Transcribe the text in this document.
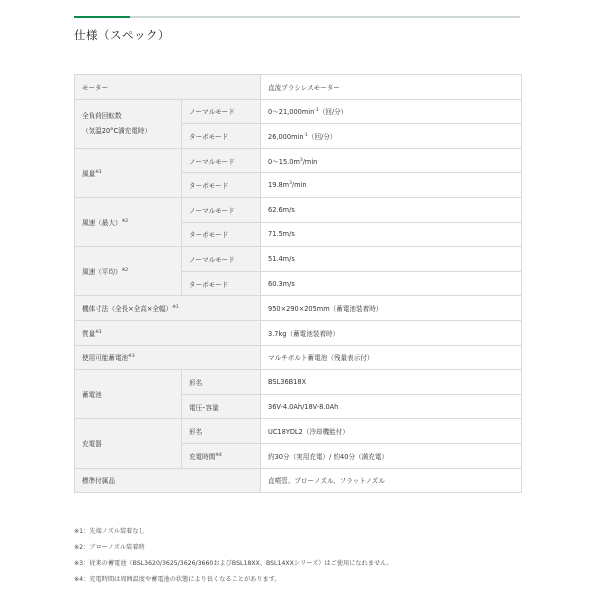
仕様（スペック）
モーター		直流ブラシレスモーター

全負荷回転数
（気温20°C満充電時）	ノーマルモード	$0\sim 21,000\min^{-1}$（回/分）
	ターボモード	$26,000\min^{-1}$（回/分）
風量$^{※1}$	ノーマルモード	$0\sim 15.0m^3/\min$
	ターボモード	$19.8m^3/\min$
風速（最大）$^{※2}$	ノーマルモード	62.6m/s
	ターボモード	71.5m/s
風速（平均）$^{※2}$	ノーマルモード	51.4m/s
	ターボモード	60.3m/s
機体寸法（全長×全高×全幅）$^{※1}$		950×290×205mm（蓄電池装着時）
質量$^{※1}$		3.7kg（蓄電池装着時）
使用可能蓄電池$^{※3}$		マルチボルト蓄電池（残量表示付）
蓄電池	形名	BSL36B18X
	電圧･容量	36V-4.0Ah/18V-8.0Ah
充電器	形名	UC18YDL2（冷却機能付）
	充電時間$^{※4}$	約30分（実用充電）/ 約40分（満充電）
標準付属品		直噴管、ブローノズル、フラットノズル
※1：先端ノズル装着なし
※2：ブローノズル装着時
※3：従来の蓄電池（BSL3620/3625/3626/3660およびBSL18XX、BSL14XXシリーズ）はご使用になれません。
※4：充電時間は周囲温度や蓄電池の状態により長くなることがあります。
